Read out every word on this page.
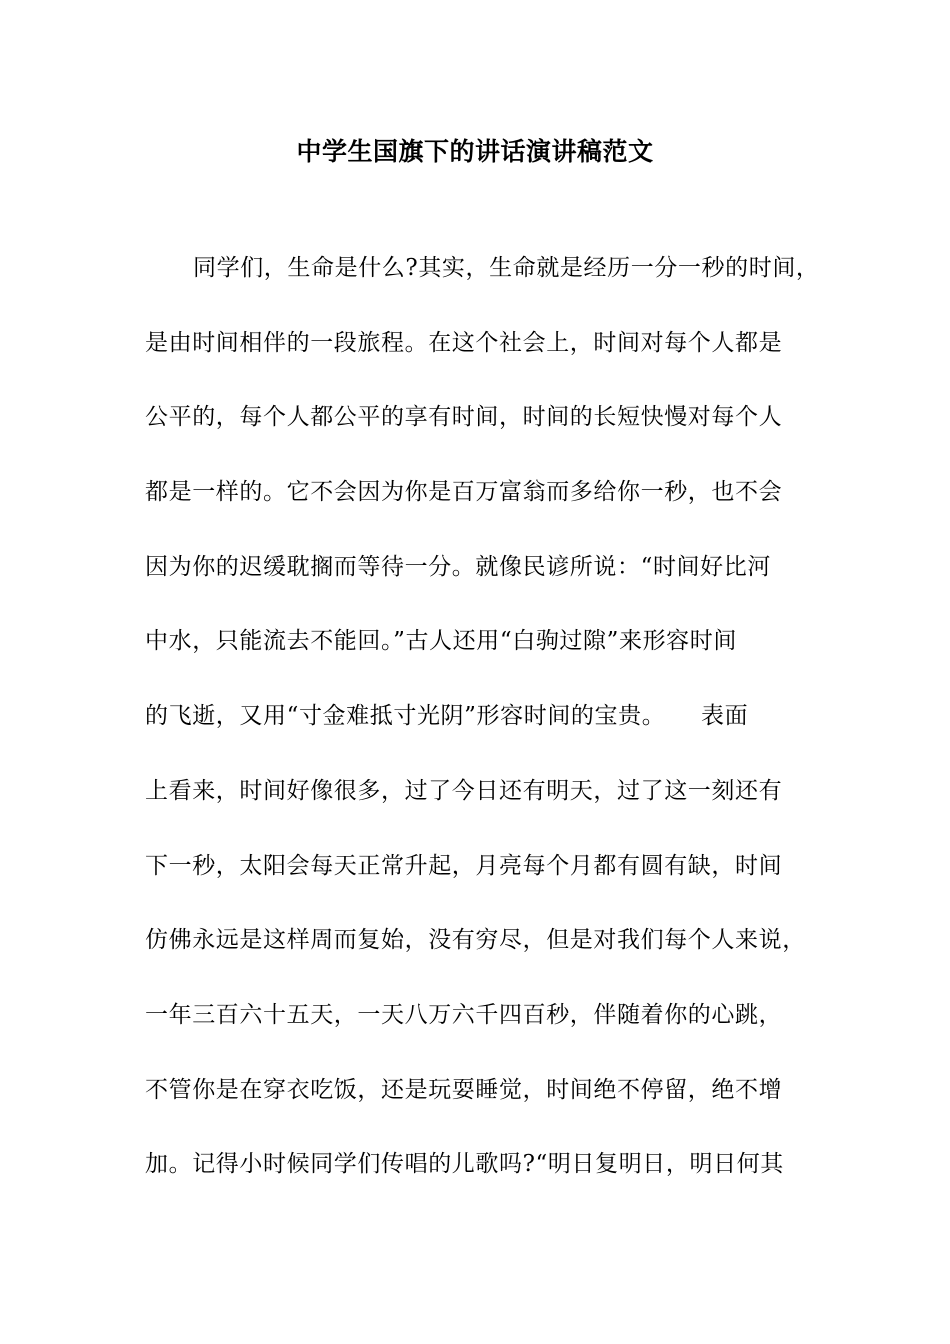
中学生国旗下的讲话演讲稿范文
同学们，生命是什么?其实，生命就是经历一分一秒的时间，
是由时间相伴的一段旅程。在这个社会上，时间对每个人都是
公平的，每个人都公平的享有时间，时间的长短快慢对每个人
都是一样的。它不会因为你是百万富翁而多给你一秒，也不会
因为你的迟缓耽搁而等待一分。就像民谚所说：“时间好比河
中水，只能流去不能回。”古人还用“白驹过隙”来形容时间
的飞逝，又用“寸金难抵寸光阴”形容时间的宝贵。　　表面
上看来，时间好像很多，过了今日还有明天，过了这一刻还有
下一秒，太阳会每天正常升起，月亮每个月都有圆有缺，时间
仿佛永远是这样周而复始，没有穷尽，但是对我们每个人来说，
一年三百六十五天，一天八万六千四百秒，伴随着你的心跳，
不管你是在穿衣吃饭，还是玩耍睡觉，时间绝不停留，绝不增
加。记得小时候同学们传唱的儿歌吗?“明日复明日，明日何其
